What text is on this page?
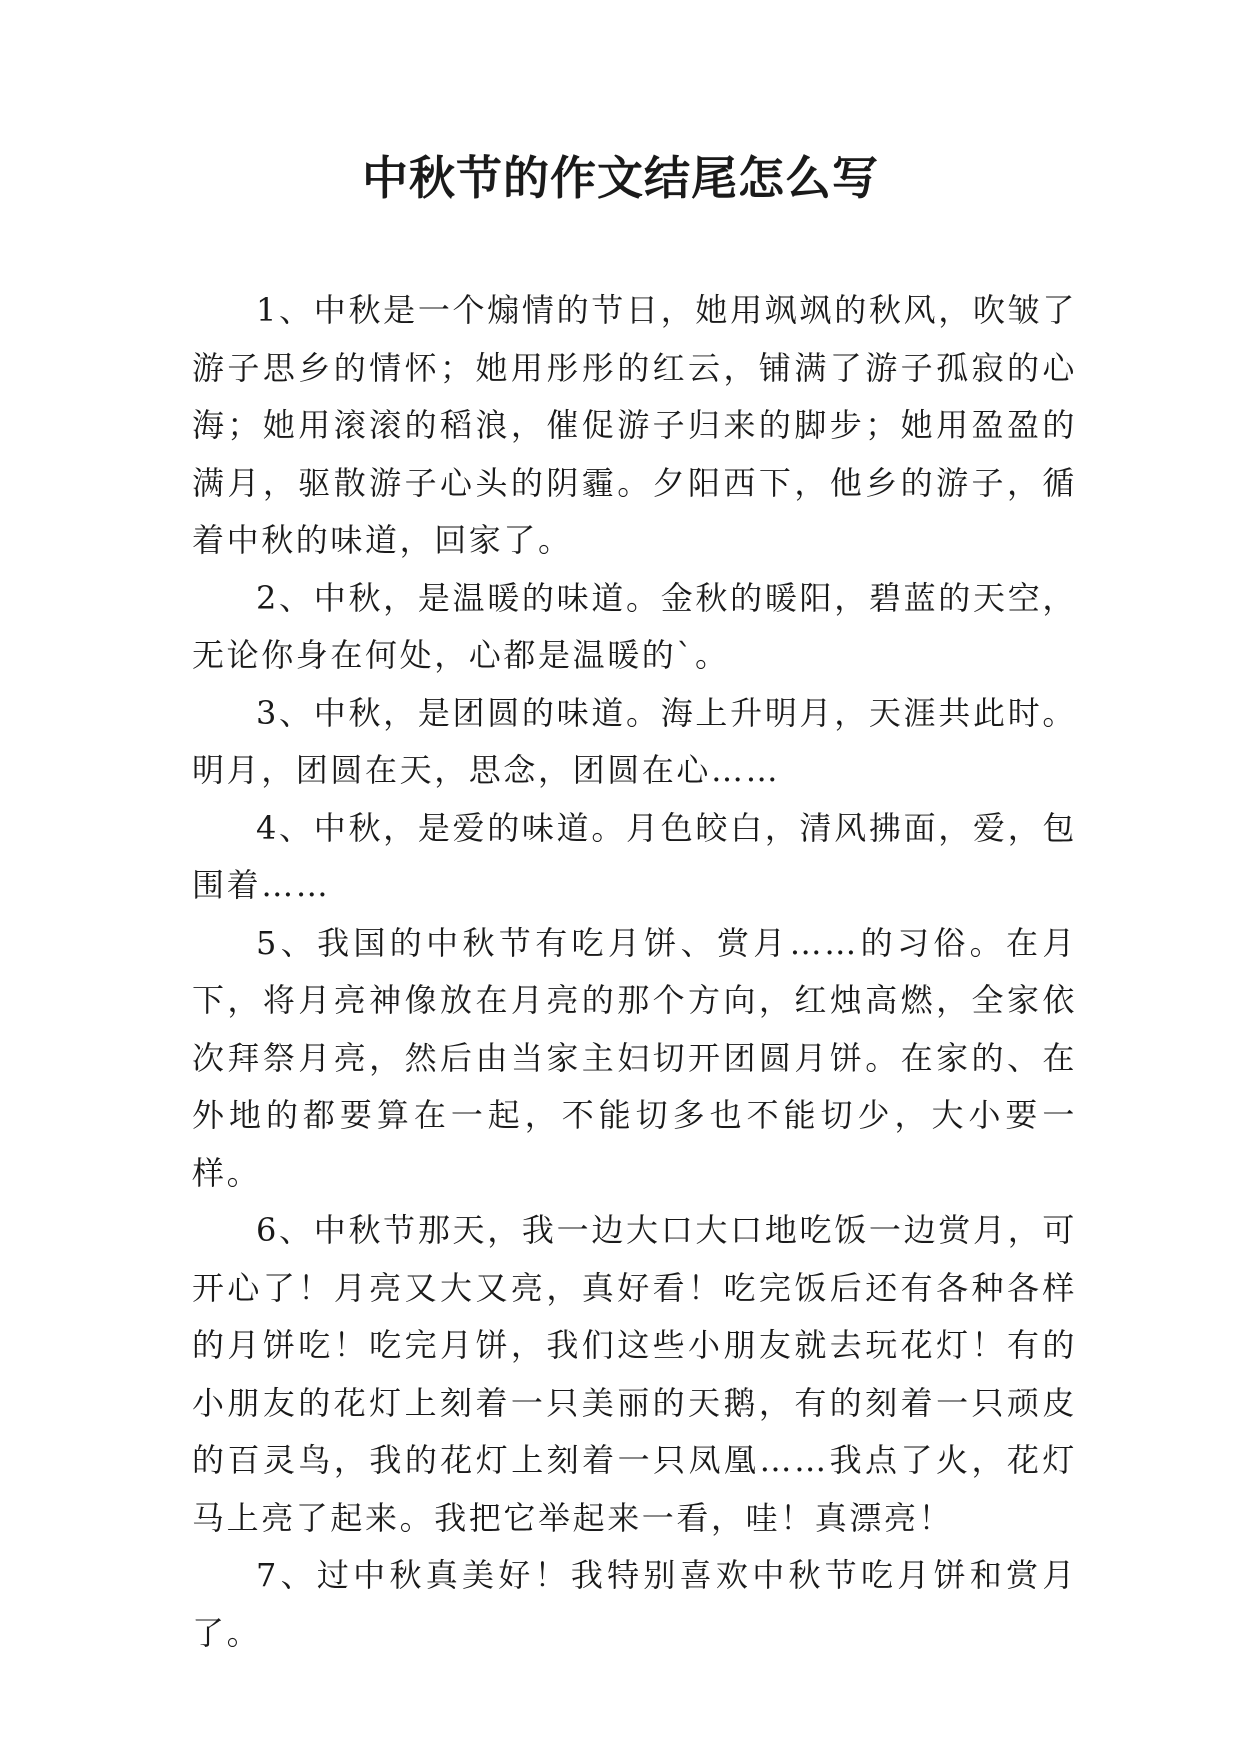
中秋节的作文结尾怎么写

1、中秋是一个煽情的节日，她用飒飒的秋风，吹皱了游子思乡的情怀；她用彤彤的红云，铺满了游子孤寂的心海；她用滚滚的稻浪，催促游子归来的脚步；她用盈盈的满月，驱散游子心头的阴霾。夕阳西下，他乡的游子，循着中秋的味道，回家了。

2、中秋，是温暖的味道。金秋的暖阳，碧蓝的天空，无论你身在何处，心都是温暖的`。

3、中秋，是团圆的味道。海上升明月，天涯共此时。明月，团圆在天，思念，团圆在心……

4、中秋，是爱的味道。月色皎白，清风拂面，爱，包围着……

5、我国的中秋节有吃月饼、赏月……的习俗。在月下，将月亮神像放在月亮的那个方向，红烛高燃，全家依次拜祭月亮，然后由当家主妇切开团圆月饼。在家的、在外地的都要算在一起，不能切多也不能切少，大小要一样。

6、中秋节那天，我一边大口大口地吃饭一边赏月，可开心了！月亮又大又亮，真好看！吃完饭后还有各种各样的月饼吃！吃完月饼，我们这些小朋友就去玩花灯！有的小朋友的花灯上刻着一只美丽的天鹅，有的刻着一只顽皮的百灵鸟，我的花灯上刻着一只凤凰……我点了火，花灯马上亮了起来。我把它举起来一看，哇！真漂亮！

7、过中秋真美好！我特别喜欢中秋节吃月饼和赏月了。
